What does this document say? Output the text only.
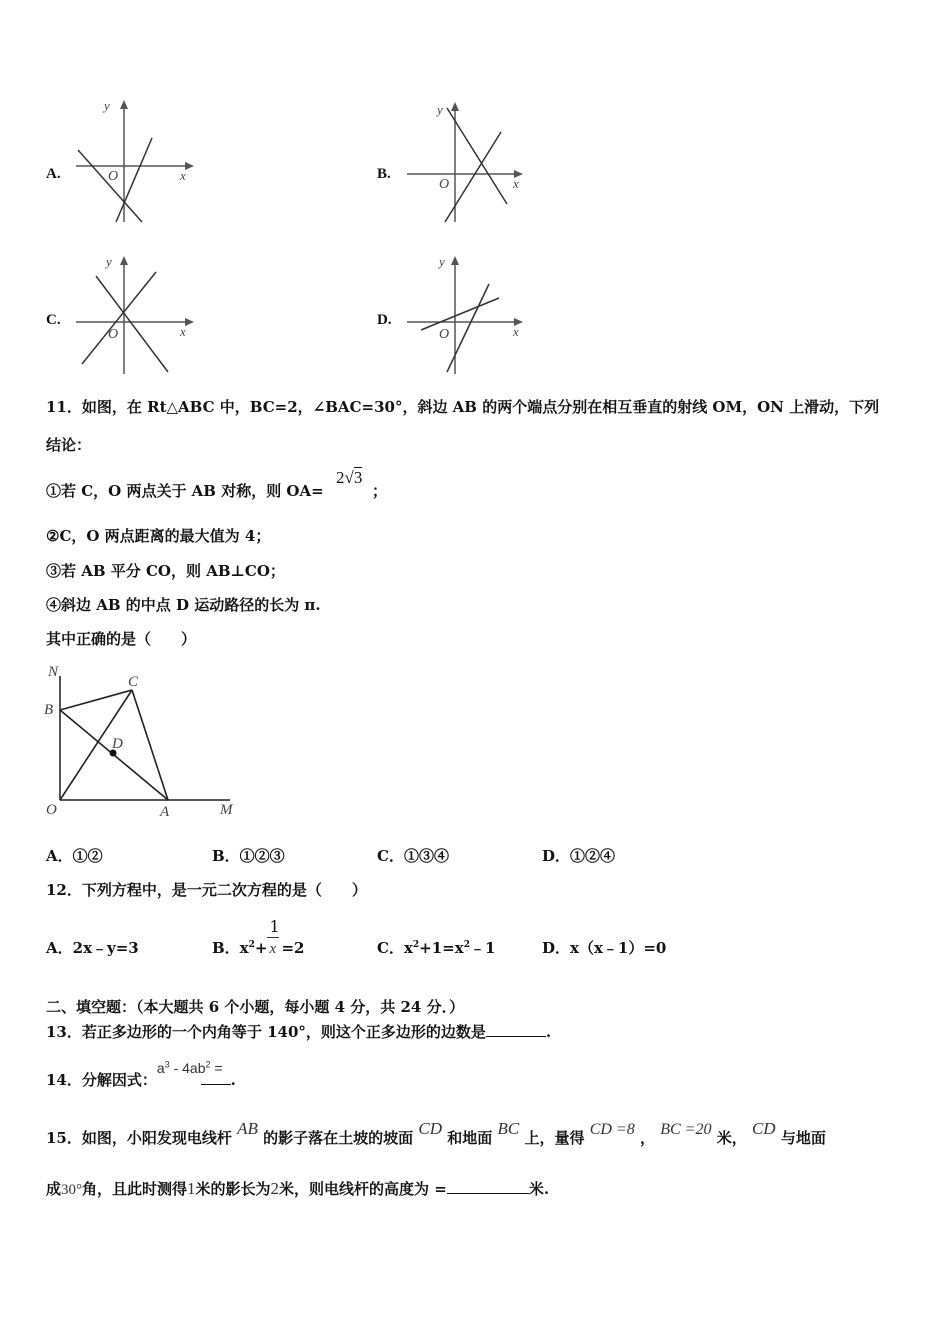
A.
y
x
O	B.
y
x
O
C.
y
x
O
D.
y
x
O
11．如图，在 Rt△ABC 中，BC=2，∠BAC=30°，斜边 AB 的两个端点分别在相互垂直的射线 OM，ON 上滑动，下列
结论：
①若 C，O 两点关于 AB 对称，则 OA=
2√3
；
②C，O 两点距离的最大值为 4；
③若 AB 平分 CO，则 AB⊥CO；
④斜边 AB 的中点 D 运动路径的长为 π.
其中正确的是（　　）
N
C
B
D
O	A	M
A．①②	B．①②③	C．①③④	D．①②④
12．下列方程中，是一元二次方程的是（　　）
A．2x﹣y=3	B．$x^2+ \frac{1}{x} =2$	C．$x^2+1=x^2﹣1$	D．x（x﹣1）=0
二、填空题：（本大题共 6 个小题，每小题 4 分，共 24 分．）
13．若正多边形的一个内角等于 140°，则这个正多边形的边数是	.
14．分解因式：$a^3 - 4ab^2$ =.
15．如图，小阳发现电线杆 AB 的影子落在土坡的坡面 CD 和地面 BC 上，量得 CD =8 ， BC =20 米， CD 与地面
成30°角，且此时测得1米的影长为2米，则电线杆的高度为 =	米.
